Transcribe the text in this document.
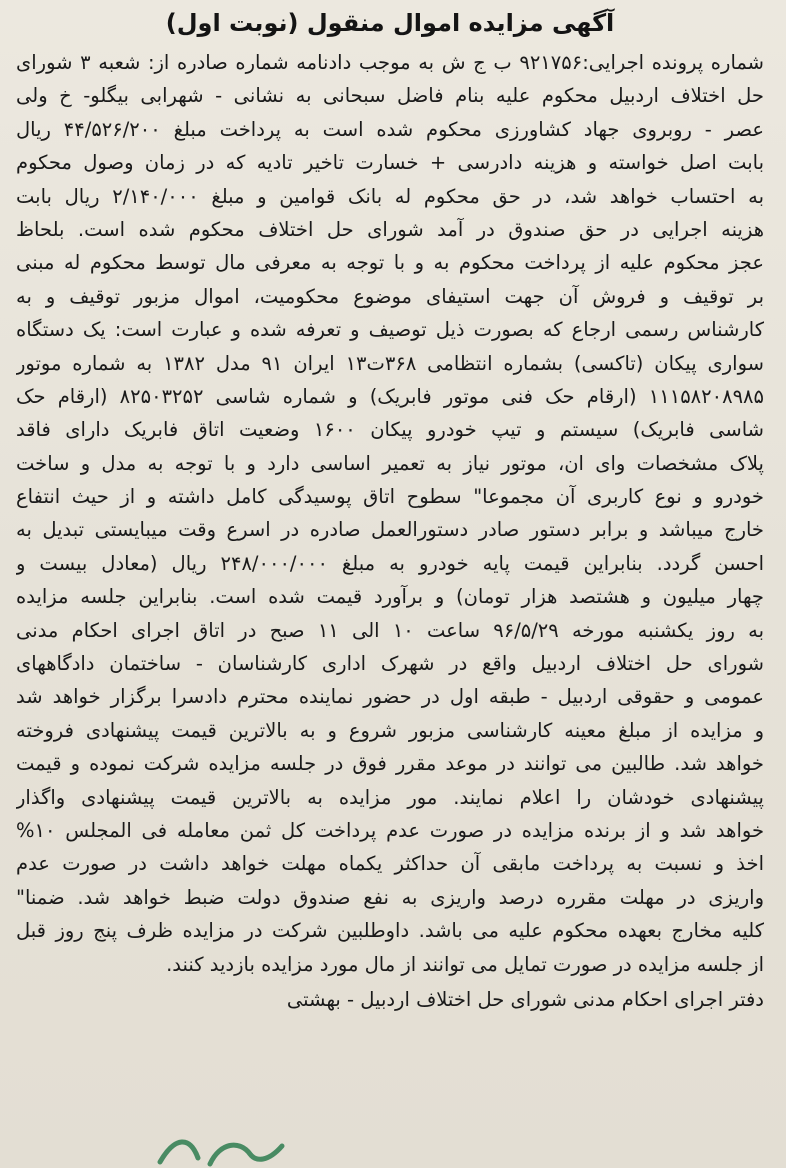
آگهی مزایده اموال منقول (نوبت اول)
شماره پرونده اجرایی:۹۲۱۷۵۶ ب ج ش به موجب دادنامه شماره صادره از: شعبه ۳ شورای
حل اختلاف اردبیل محکوم علیه بنام فاضل سبحانی به نشانی - شهرابی بیگلو- خ ولی
عصر - روبروی جهاد کشاورزی محکوم شده است به پرداخت مبلغ ۴۴/۵۲۶/۲۰۰ ریال
بابت اصل خواسته و هزینه دادرسی + خسارت تاخیر تادیه که در زمان وصول محکوم
به احتساب خواهد شد، در حق محکوم له بانک قوامین و مبلغ ۲/۱۴۰/۰۰۰ ریال بابت
هزینه اجرایی در حق صندوق در آمد شورای حل اختلاف محکوم شده است. بلحاظ
عجز محکوم علیه از پرداخت محکوم به و با توجه به معرفی مال توسط محکوم له مبنی
بر توقیف و فروش آن جهت استیفای موضوع محکومیت، اموال مزبور توقیف و به
کارشناس رسمی ارجاع که بصورت ذیل توصیف و تعرفه شده و عبارت است: یک دستگاه
سواری پیکان (تاکسی) بشماره انتظامی ۳۶۸ت۱۳ ایران ۹۱ مدل ۱۳۸۲ به شماره موتور
۱۱۱۵۸۲۰۸۹۸۵ (ارقام حک فنی موتور فابریک) و شماره شاسی ۸۲۵۰۳۲۵۲ (ارقام حک
شاسی فابریک) سیستم و تیپ خودرو پیکان ۱۶۰۰ وضعیت اتاق فابریک دارای فاقد
پلاک مشخصات وای ان، موتور نیاز به تعمیر اساسی دارد و با توجه به مدل و ساخت
خودرو و نوع کاربری آن مجموعا" سطوح اتاق پوسیدگی کامل داشته و از حیث انتفاع
خارج میباشد و برابر دستور صادر دستورالعمل صادره در اسرع وقت میبایستی تبدیل به
احسن گردد. بنابراین قیمت پایه خودرو به مبلغ ۲۴۸/۰۰۰/۰۰۰ ریال (معادل بیست و
چهار میلیون و هشتصد هزار تومان) و برآورد قیمت شده است. بنابراین جلسه مزایده
به روز یکشنبه مورخه ۹۶/۵/۲۹ ساعت ۱۰ الی ۱۱ صبح در اتاق اجرای احکام مدنی
شورای حل اختلاف اردبیل واقع در شهرک اداری کارشناسان - ساختمان دادگاههای
عمومی و حقوقی اردبیل - طبقه اول در حضور نماینده محترم دادسرا برگزار خواهد شد
و مزایده از مبلغ معینه کارشناسی مزبور شروع و به بالاترین قیمت پیشنهادی فروخته
خواهد شد. طالبین می توانند در موعد مقرر فوق در جلسه مزایده شرکت نموده و قیمت
پیشنهادی خودشان را اعلام نمایند. مور مزایده به بالاترین قیمت پیشنهادی واگذار
خواهد شد و از برنده مزایده در صورت عدم پرداخت کل ثمن معامله فی المجلس ۱۰%
اخذ و نسبت به پرداخت مابقی آن حداکثر یکماه مهلت خواهد داشت در صورت عدم
واریزی در مهلت مقرره درصد واریزی به نفع صندوق دولت ضبط خواهد شد. ضمنا"
کلیه مخارج بعهده محکوم علیه می باشد. داوطلبین شرکت در مزایده ظرف پنج روز قبل
از جلسه مزایده در صورت تمایل می توانند از مال مورد مزایده بازدید کنند.
دفتر اجرای احکام مدنی شورای حل اختلاف اردبیل - بهشتی
